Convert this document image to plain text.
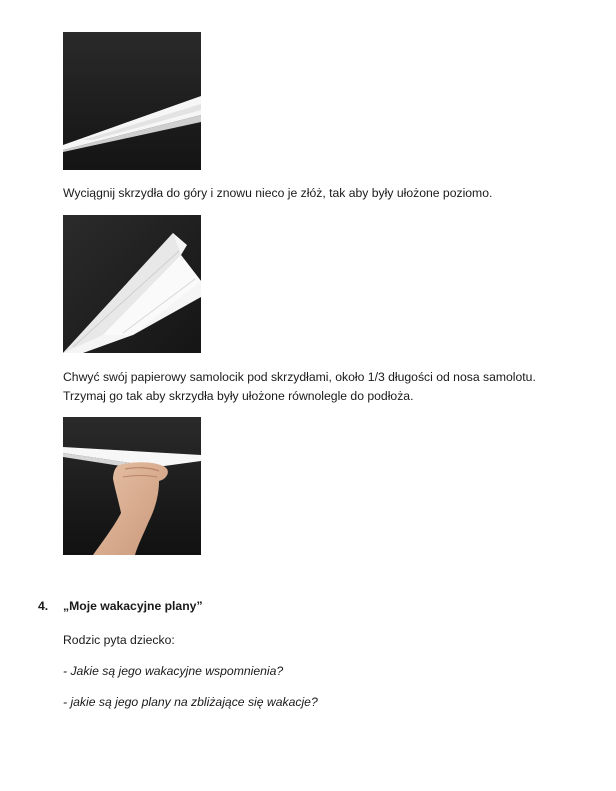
Wyciągnij skrzydła do góry i znowu nieco je złóż, tak aby były ułożone poziomo.
Chwyć swój papierowy samolocik pod skrzydłami, około 1/3 długości od nosa samolotu.
Trzymaj go tak aby skrzydła były ułożone równolegle do podłoża.
4. „Moje wakacyjne plany”
Rodzic pyta dziecko:
- Jakie są jego wakacyjne wspomnienia?
- jakie są jego plany na zbliżające się wakacje?
